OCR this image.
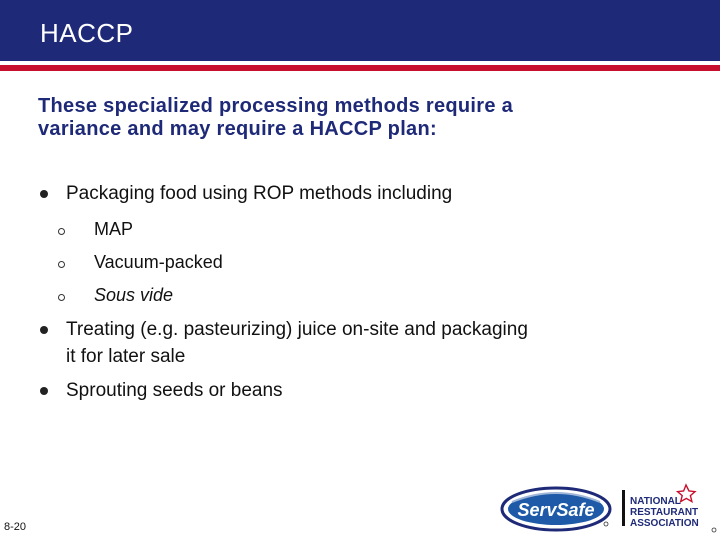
HACCP
These specialized processing methods require a variance and may require a HACCP plan:
Packaging food using ROP methods including
MAP
Vacuum-packed
Sous vide
Treating (e.g. pasteurizing) juice on-site and packaging it for later sale
Sprouting seeds or beans
8-20
ServSafe	NATIONAL
RESTAURANT
ASSOCIATION
